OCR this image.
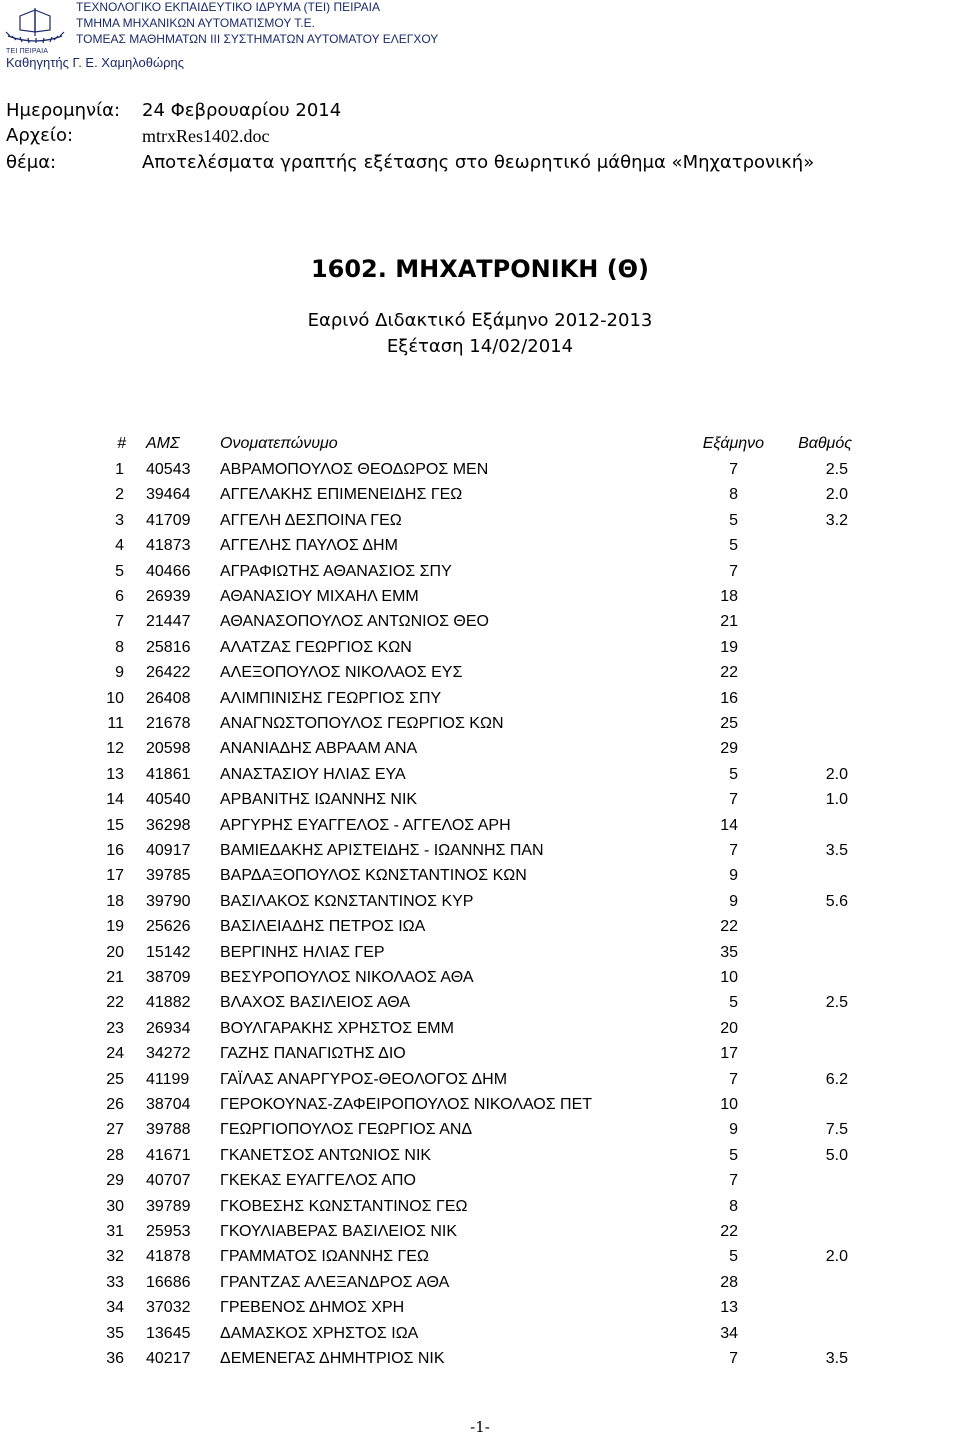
ΤΕΙ ΠΕΙΡΑΙΑ
ΤΕΧΝΟΛΟΓΙΚΟ ΕΚΠΑΙΔΕΥΤΙΚΟ ΙΔΡΥΜΑ (ΤΕΙ) ΠΕΙΡΑΙΑ
ΤΜΗΜΑ ΜΗΧΑΝΙΚΩΝ ΑΥΤΟΜΑΤΙΣΜΟΥ Τ.Ε.
ΤΟΜΕΑΣ ΜΑΘΗΜΑΤΩΝ ΙΙΙ ΣΥΣΤΗΜΑΤΩΝ ΑΥΤΟΜΑΤΟΥ ΕΛΕΓΧΟΥ
Καθηγητής Γ. Ε. Χαμηλοθώρης
Ημερομηνία: 24 Φεβρουαρίου 2014
Αρχείο:	mtrxRes1402.doc
θέμα:	Αποτελέσματα γραπτής εξέτασης στο θεωρητικό μάθημα «Μηχατρονική»
1602. ΜΗΧΑΤΡΟΝΙΚΗ (Θ)
Εαρινό Διδακτικό Εξάμηνο 2012-2013
Εξέταση 14/02/2014
# ΑΜΣ	Ονοματεπώνυμο	Εξάμηνο Βαθμός
1 40543 ΑΒΡΑΜΟΠΟΥΛΟΣ ΘΕΟΔΩΡΟΣ ΜΕΝ	7	2.5
2 39464 ΑΓΓΕΛΑΚΗΣ ΕΠΙΜΕΝΕΙΔΗΣ ΓΕΩ	8	2.0
3 41709 ΑΓΓΕΛΗ ΔΕΣΠΟΙΝΑ ΓΕΩ	5	3.2
4 41873 ΑΓΓΕΛΗΣ ΠΑΥΛΟΣ ΔΗΜ	5
5 40466 ΑΓΡΑΦΙΩΤΗΣ ΑΘΑΝΑΣΙΟΣ ΣΠΥ	7
6 26939 ΑΘΑΝΑΣΙΟΥ ΜΙΧΑΗΛ ΕΜΜ	18
7 21447 ΑΘΑΝΑΣΟΠΟΥΛΟΣ ΑΝΤΩΝΙΟΣ ΘΕΟ	21
8 25816 ΑΛΑΤΖΑΣ ΓΕΩΡΓΙΟΣ ΚΩΝ	19
9 26422 ΑΛΕΞΟΠΟΥΛΟΣ ΝΙΚΟΛΑΟΣ ΕΥΣ	22
10 26408 ΑΛΙΜΠΙΝΙΣΗΣ ΓΕΩΡΓΙΟΣ ΣΠΥ	16
11 21678 ΑΝΑΓΝΩΣΤΟΠΟΥΛΟΣ ΓΕΩΡΓΙΟΣ ΚΩΝ	25
12 20598 ΑΝΑΝΙΑΔΗΣ ΑΒΡΑΑΜ ΑΝΑ	29
13 41861 ΑΝΑΣΤΑΣΙΟΥ ΗΛΙΑΣ ΕΥΑ	5	2.0
14 40540 ΑΡΒΑΝΙΤΗΣ ΙΩΑΝΝΗΣ ΝΙΚ	7	1.0
15 36298 ΑΡΓΥΡΗΣ ΕΥΑΓΓΕΛΟΣ - ΑΓΓΕΛΟΣ ΑΡΗ	14
16 40917 ΒΑΜΙΕΔΑΚΗΣ ΑΡΙΣΤΕΙΔΗΣ - ΙΩΑΝΝΗΣ ΠΑΝ	7	3.5
17 39785 ΒΑΡΔΑΞΟΠΟΥΛΟΣ ΚΩΝΣΤΑΝΤΙΝΟΣ ΚΩΝ	9
18 39790 ΒΑΣΙΛΑΚΟΣ ΚΩΝΣΤΑΝΤΙΝΟΣ ΚΥΡ	9	5.6
19 25626 ΒΑΣΙΛΕΙΑΔΗΣ ΠΕΤΡΟΣ ΙΩΑ	22
20 15142 ΒΕΡΓΙΝΗΣ ΗΛΙΑΣ ΓΕΡ	35
21 38709 ΒΕΣΥΡΟΠΟΥΛΟΣ ΝΙΚΟΛΑΟΣ ΑΘΑ	10
22 41882 ΒΛΑΧΟΣ ΒΑΣΙΛΕΙΟΣ ΑΘΑ	5	2.5
23 26934 ΒΟΥΛΓΑΡΑΚΗΣ ΧΡΗΣΤΟΣ ΕΜΜ	20
24 34272 ΓΑΖΗΣ ΠΑΝΑΓΙΩΤΗΣ ΔΙΟ	17
25 41199 ΓΑΪΛΑΣ ΑΝΑΡΓΥΡΟΣ-ΘΕΟΛΟΓΟΣ ΔΗΜ	7	6.2
26 38704 ΓΕΡΟΚΟΥΝΑΣ-ΖΑΦΕΙΡΟΠΟΥΛΟΣ ΝΙΚΟΛΑΟΣ ΠΕΤ	10
27 39788 ΓΕΩΡΓΙΟΠΟΥΛΟΣ ΓΕΩΡΓΙΟΣ ΑΝΔ	9	7.5
28 41671 ΓΚΑΝΕΤΣΟΣ ΑΝΤΩΝΙΟΣ ΝΙΚ	5	5.0
29 40707 ΓΚΕΚΑΣ ΕΥΑΓΓΕΛΟΣ ΑΠΟ	7
30 39789 ΓΚΟΒΕΣΗΣ ΚΩΝΣΤΑΝΤΙΝΟΣ ΓΕΩ	8
31 25953 ΓΚΟΥΛΙΑΒΕΡΑΣ ΒΑΣΙΛΕΙΟΣ ΝΙΚ	22
32 41878 ΓΡΑΜΜΑΤΟΣ ΙΩΑΝΝΗΣ ΓΕΩ	5	2.0
33 16686 ΓΡΑΝΤΖΑΣ ΑΛΕΞΑΝΔΡΟΣ ΑΘΑ	28
34 37032 ΓΡΕΒΕΝΟΣ ΔΗΜΟΣ ΧΡΗ	13
35 13645 ΔΑΜΑΣΚΟΣ ΧΡΗΣΤΟΣ ΙΩΑ	34
36 40217 ΔΕΜΕΝΕΓΑΣ ΔΗΜΗΤΡΙΟΣ ΝΙΚ	7	3.5
-1-
